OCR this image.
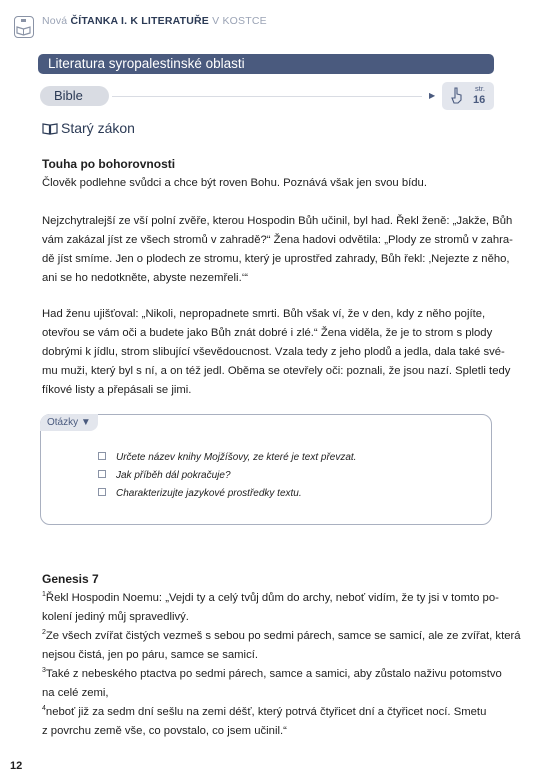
Nová ČÍTANKA I. K LITERATUŘE V KOSTCE
Literatura syropalestinské oblasti
Bible	▶
str.
16
Starý zákon
Touha po bohorovnosti
Člověk podlehne svůdci a chce být roven Bohu. Poznává však jen svou bídu.
Nejzchytralejší ze vší polní zvěře, kterou Hospodin Bůh učinil, byl had. Řekl ženě: „Jakže, Bůh
vám zakázal jíst ze všech stromů v zahradě?“ Žena hadovi odvětila: „Plody ze stromů v zahra-
dě jíst smíme. Jen o plodech ze stromu, který je uprostřed zahrady, Bůh řekl: ‚Nejezte z něho,
ani se ho nedotkněte, abyste nezemřeli.‘“
Had ženu ujišťoval: „Nikoli, nepropadnete smrti. Bůh však ví, že v den, kdy z něho pojíte,
otevřou se vám oči a budete jako Bůh znát dobré i zlé.“ Žena viděla, že je to strom s plody
dobrými k jídlu, strom slibující vševědoucnost. Vzala tedy z jeho plodů a jedla, dala také své-
mu muži, který byl s ní, a on též jedl. Oběma se otevřely oči: poznali, že jsou nazí. Spletli tedy
fíkové listy a přepásali se jimi.
Otázky ▼
Určete název knihy Mojžíšovy, ze které je text převzat.
Jak příběh dál pokračuje?
Charakterizujte jazykové prostředky textu.
Genesis 7
$^1$Řekl Hospodin Noemu: „Vejdi ty a celý tvůj dům do archy, neboť vidím, že ty jsi v tomto po-
kolení jediný můj spravedlivý.
$^2$Ze všech zvířat čistých vezmeš s sebou po sedmi párech, samce se samicí, ale ze zvířat, která
nejsou čistá, jen po páru, samce se samicí.
$^3$Také z nebeského ptactva po sedmi párech, samce a samici, aby zůstalo naživu potomstvo
na celé zemi,
$^4$neboť již za sedm dní sešlu na zemi déšť, který potrvá čtyřicet dní a čtyřicet nocí. Smetu
z povrchu země vše, co povstalo, co jsem učinil.“
12
